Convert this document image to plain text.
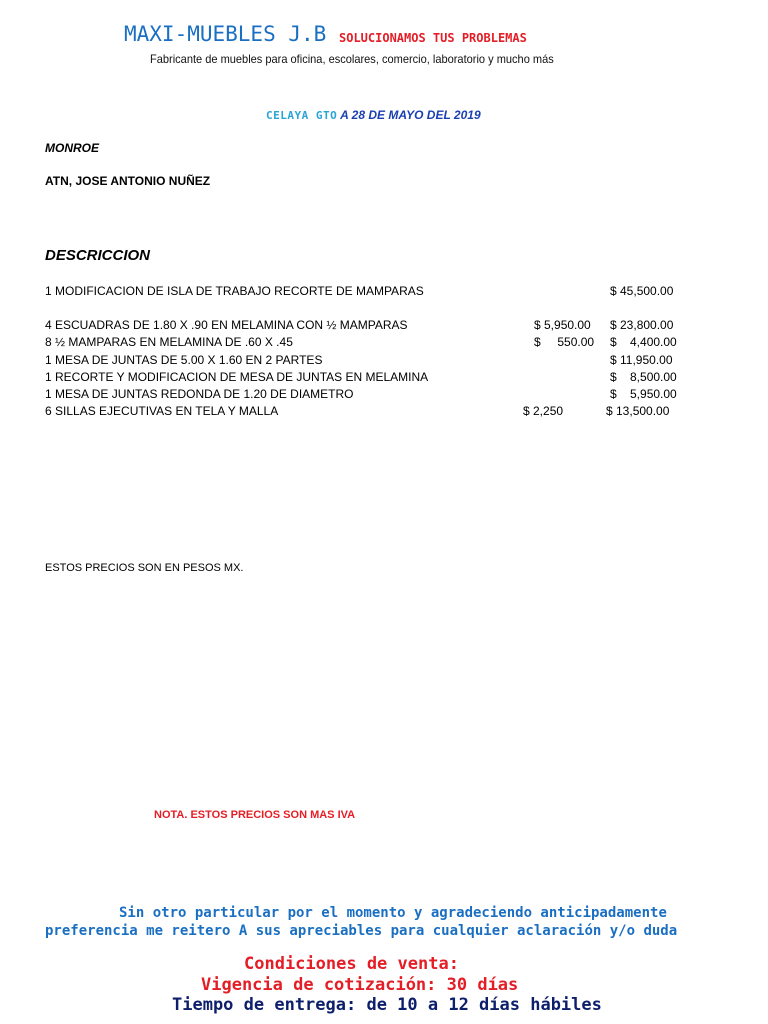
MAXI-MUEBLES J.B SOLUCIONAMOS TUS PROBLEMAS
Fabricante de muebles para oficina, escolares, comercio, laboratorio y mucho más
CELAYA GTO A 28 DE MAYO DEL 2019
MONROE
ATN, JOSE ANTONIO NUÑEZ
DESCRICCION
1 MODIFICACION DE ISLA DE TRABAJO RECORTE DE MAMPARAS	$ 45,500.00
4 ESCUADRAS DE 1.80 X .90 EN MELAMINA CON ½ MAMPARAS	$ 5,950.00 $ 23,800.00
8 ½ MAMPARAS EN MELAMINA DE .60 X .45	$     550.00 $    4,400.00
1 MESA DE JUNTAS DE 5.00 X 1.60 EN 2 PARTES	$ 11,950.00
1 RECORTE Y MODIFICACION DE MESA DE JUNTAS EN MELAMINA	$    8,500.00
1 MESA DE JUNTAS REDONDA DE 1.20 DE DIAMETRO	$    5,950.00
6 SILLAS EJECUTIVAS EN TELA Y MALLA	$ 2,250	$ 13,500.00
ESTOS PRECIOS SON EN PESOS MX.
NOTA. ESTOS PRECIOS SON MAS IVA
Sin otro particular por el momento y agradeciendo anticipadamente
preferencia me reitero A sus apreciables para cualquier aclaración y/o duda
Condiciones de venta:
Vigencia de cotización: 30 días
Tiempo de entrega: de 10 a 12 días hábiles
